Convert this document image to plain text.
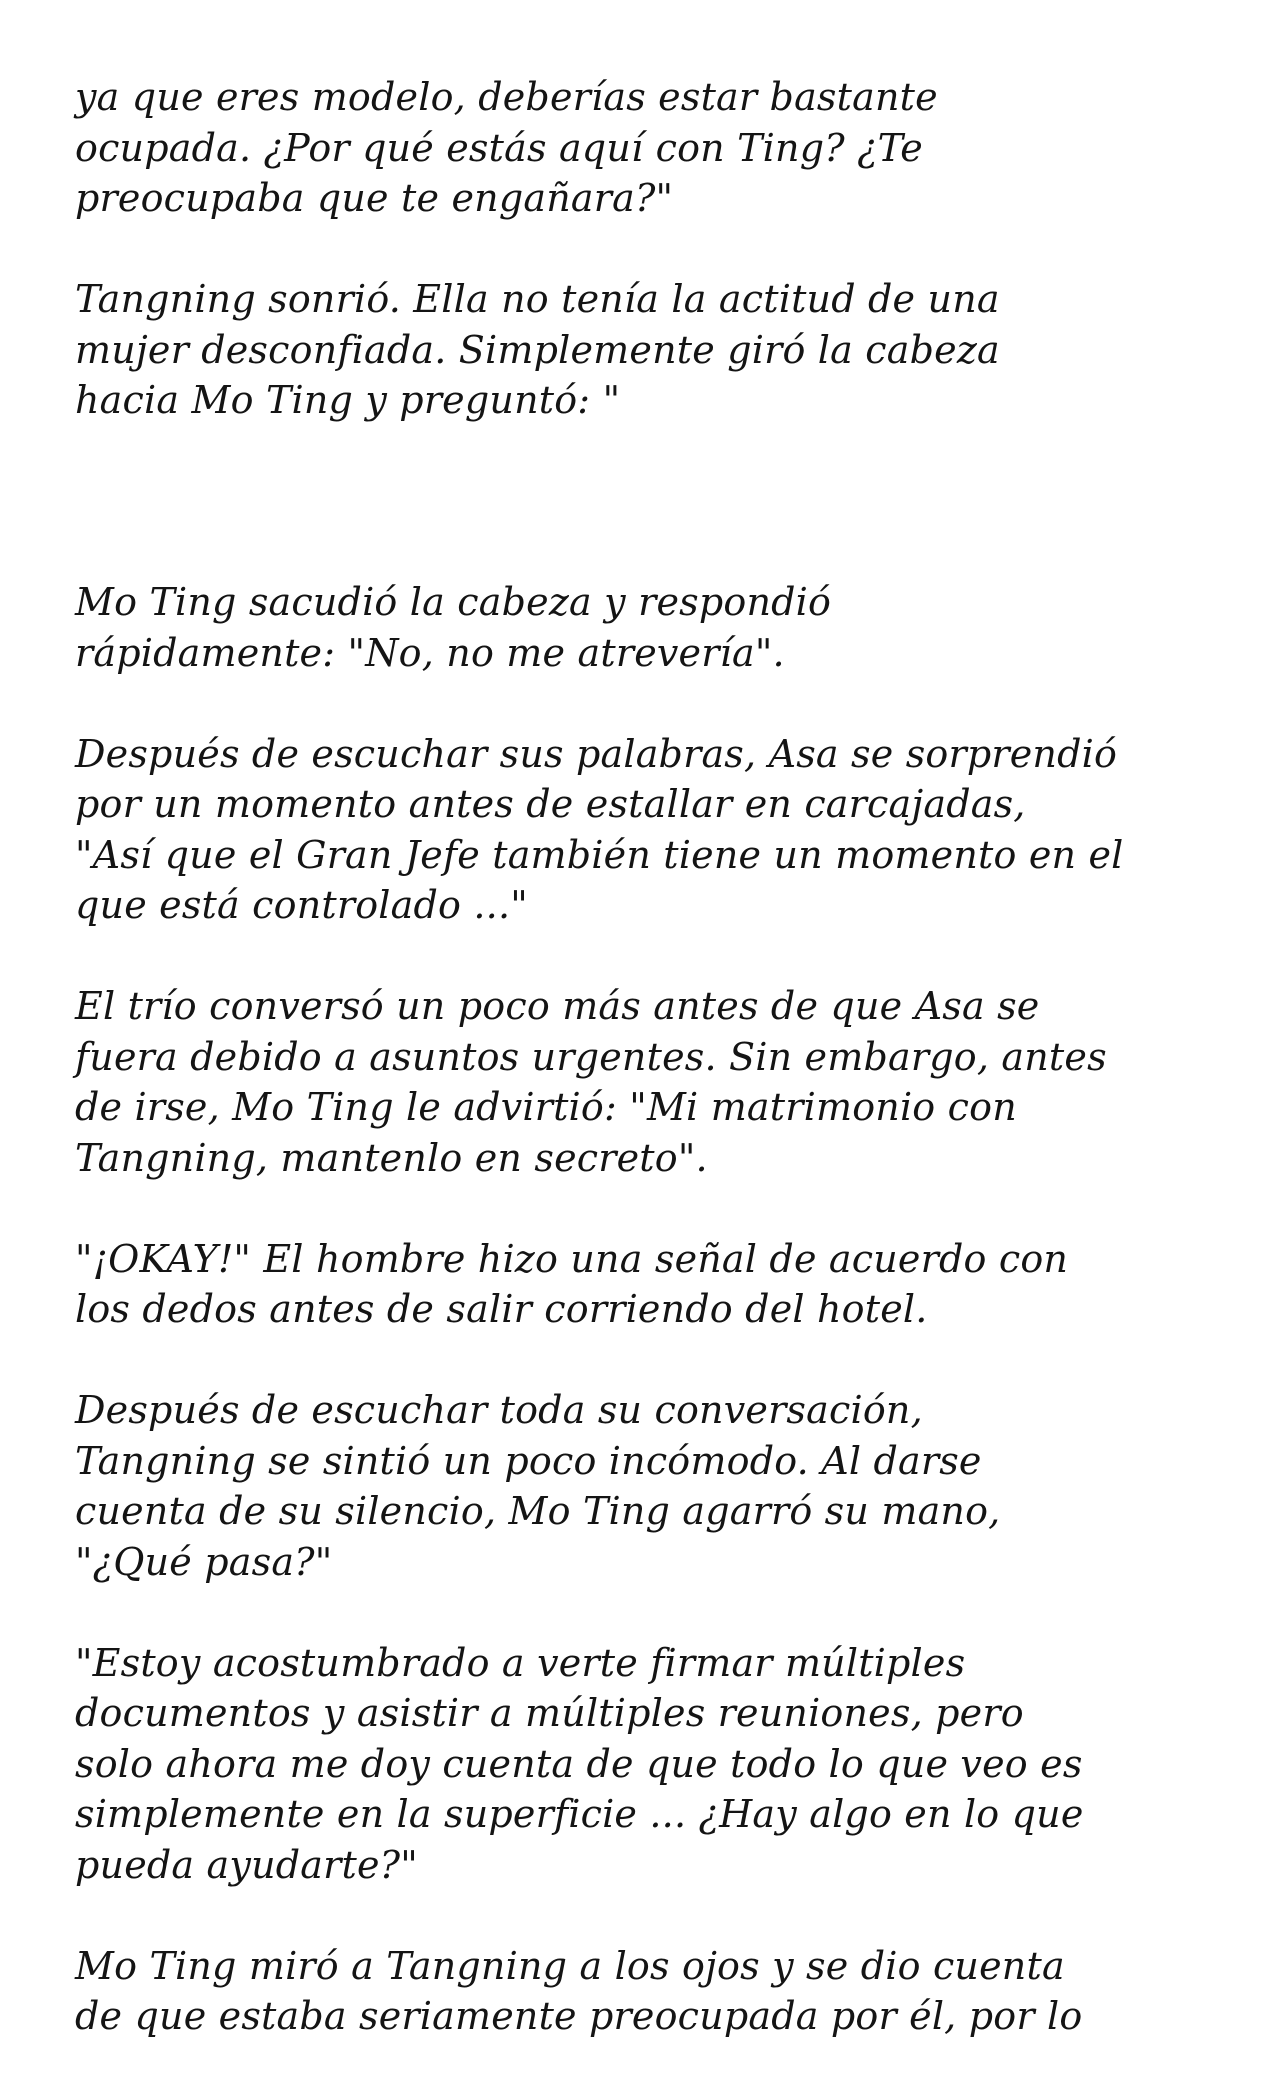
ya que eres modelo, deberías estar bastante
ocupada. ¿Por qué estás aquí con Ting? ¿Te
preocupaba que te engañara?"

Tangning sonrió. Ella no tenía la actitud de una
mujer desconfiada. Simplemente giró la cabeza
hacia Mo Ting y preguntó: "

Mo Ting sacudió la cabeza y respondió
rápidamente: "No, no me atrevería".

Después de escuchar sus palabras, Asa se sorprendió
por un momento antes de estallar en carcajadas,
"Así que el Gran Jefe también tiene un momento en el
que está controlado ..."

El trío conversó un poco más antes de que Asa se
fuera debido a asuntos urgentes. Sin embargo, antes
de irse, Mo Ting le advirtió: "Mi matrimonio con
Tangning, mantenlo en secreto".

"¡OKAY!" El hombre hizo una señal de acuerdo con
los dedos antes de salir corriendo del hotel.

Después de escuchar toda su conversación,
Tangning se sintió un poco incómodo. Al darse
cuenta de su silencio, Mo Ting agarró su mano,
"¿Qué pasa?"

"Estoy acostumbrado a verte firmar múltiples
documentos y asistir a múltiples reuniones, pero
solo ahora me doy cuenta de que todo lo que veo es
simplemente en la superficie ... ¿Hay algo en lo que
pueda ayudarte?"

Mo Ting miró a Tangning a los ojos y se dio cuenta
de que estaba seriamente preocupada por él, por lo
